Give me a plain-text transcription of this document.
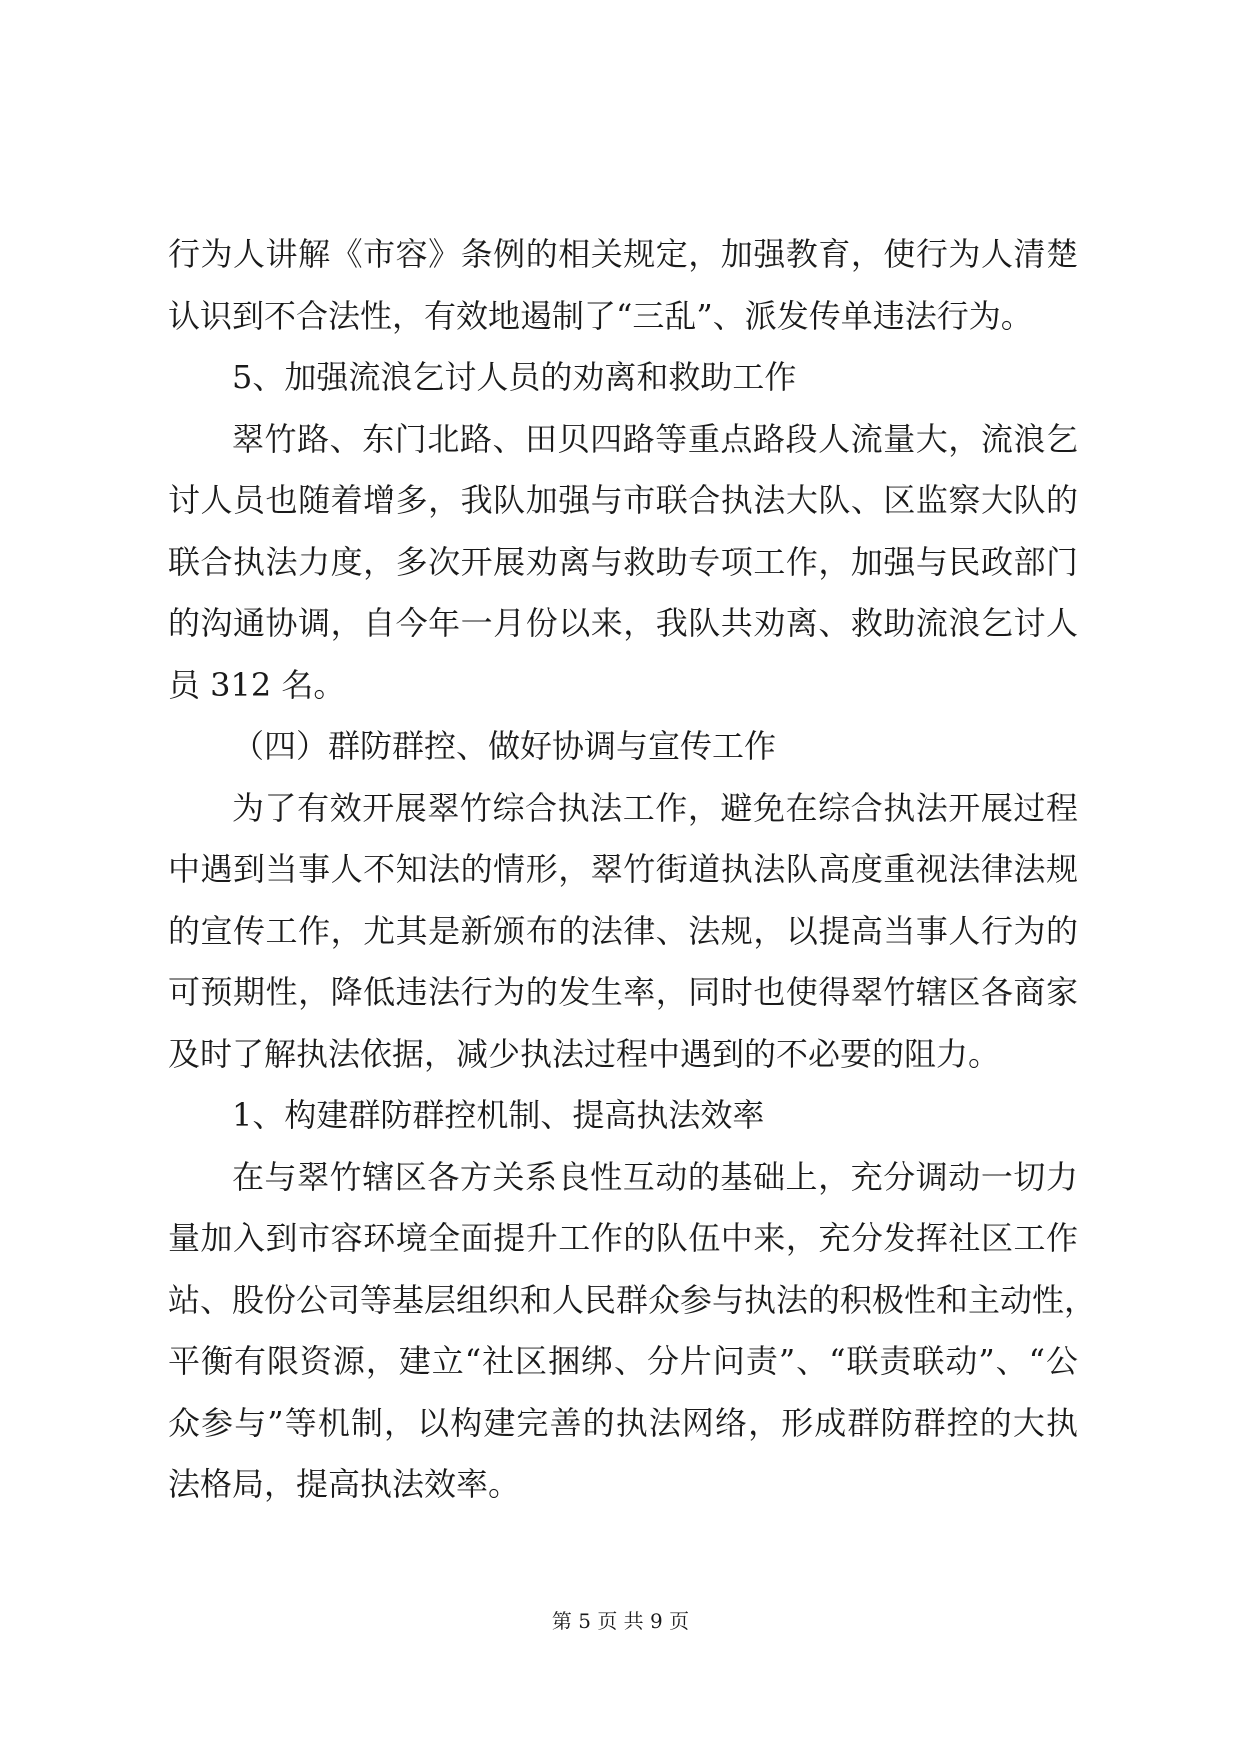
行为人讲解《市容》条例的相关规定，加强教育，使行为人清楚
认识到不合法性，有效地遏制了“三乱”、派发传单违法行为。
5、加强流浪乞讨人员的劝离和救助工作
翠竹路、东门北路、田贝四路等重点路段人流量大，流浪乞
讨人员也随着增多，我队加强与市联合执法大队、区监察大队的
联合执法力度，多次开展劝离与救助专项工作，加强与民政部门
的沟通协调，自今年一月份以来，我队共劝离、救助流浪乞讨人
员 312 名。
（四）群防群控、做好协调与宣传工作
为了有效开展翠竹综合执法工作，避免在综合执法开展过程
中遇到当事人不知法的情形，翠竹街道执法队高度重视法律法规
的宣传工作，尤其是新颁布的法律、法规，以提高当事人行为的
可预期性，降低违法行为的发生率，同时也使得翠竹辖区各商家
及时了解执法依据，减少执法过程中遇到的不必要的阻力。
1、构建群防群控机制、提高执法效率
在与翠竹辖区各方关系良性互动的基础上，充分调动一切力
量加入到市容环境全面提升工作的队伍中来，充分发挥社区工作
站、股份公司等基层组织和人民群众参与执法的积极性和主动性，
平衡有限资源，建立“社区捆绑、分片问责”、“联责联动”、“公
众参与”等机制，以构建完善的执法网络，形成群防群控的大执
法格局，提高执法效率。
第 5 页 共 9 页
